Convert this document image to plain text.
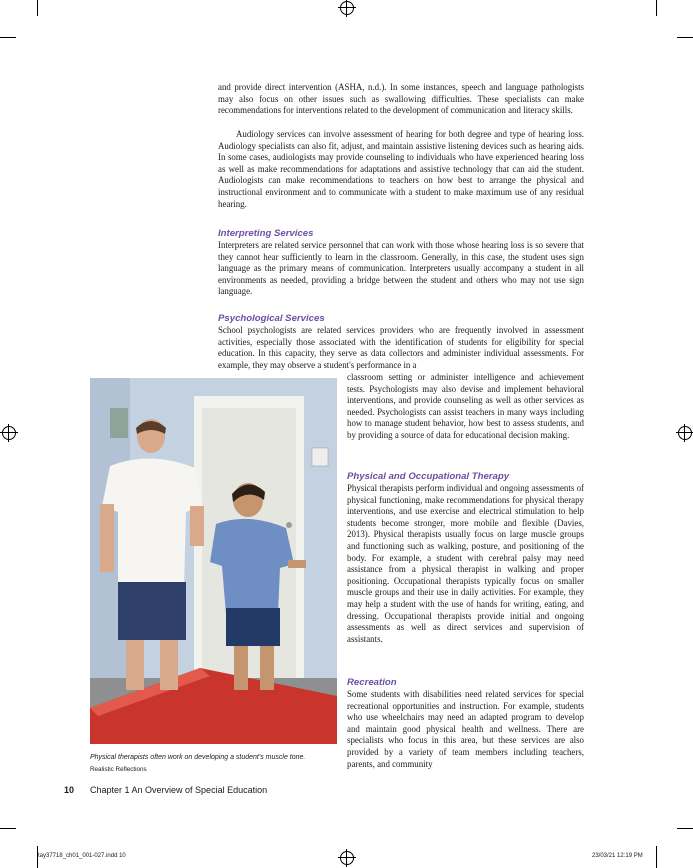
and provide direct intervention (ASHA, n.d.). In some instances, speech and language pathologists may also focus on other issues such as swallowing difficulties. These specialists can make recommendations for interventions related to the development of communication and literacy skills.

Audiology services can involve assessment of hearing for both degree and type of hearing loss. Audiology specialists can also fit, adjust, and maintain assistive listening devices such as hearing aids. In some cases, audiologists may provide counseling to individuals who have experienced hearing loss as well as make recommendations for adaptations and assistive technology that can aid the student. Audiologists can make recommendations to teachers on how best to arrange the physical and instructional environment and to communicate with a student to make maximum use of any residual hearing.

Interpreting Services

Interpreters are related service personnel that can work with those whose hearing loss is so severe that they cannot hear sufficiently to learn in the classroom. Generally, in this case, the student uses sign language as the primary means of communication. Interpreters usually accompany a student in all environments as needed, providing a bridge between the student and others who may not use sign language.

Psychological Services

School psychologists are related services providers who are frequently involved in assessment activities, especially those associated with the identification of students for eligibility for special education. In this capacity, they serve as data collectors and administer individual assessments. For example, they may observe a student's performance in a

classroom setting or administer intelligence and achievement tests. Psychologists may also devise and implement behavioral interventions, and provide counseling as well as other services as needed. Psychologists can assist teachers in many ways including how to manage student behavior, how best to assess students, and by providing a source of data for educational decision making.

Physical and Occupational Therapy

Physical therapists perform individual and ongoing assessments of physical functioning, make recommendations for physical therapy interventions, and use exercise and electrical stimulation to help students become stronger, more mobile and flexible (Davies, 2013). Physical therapists usually focus on large muscle groups and functioning such as walking, posture, and positioning of the body. For example, a student with cerebral palsy may need assistance from a physical therapist in walking and proper positioning. Occupational therapists typically focus on smaller muscle groups and their use in daily activities. For example, they may help a student with the use of hands for writing, eating, and dressing. Occupational therapists provide initial and ongoing assessments as well as direct services and supervision of assistants.

Recreation

Some students with disabilities need related services for special recreational opportunities and instruction. For example, students who use wheelchairs may need an adapted program to develop and maintain good physical health and wellness. There are specialists who focus in this area, but these services are also provided by a variety of team members including teachers, parents, and community

Physical therapists often work on developing a student's muscle tone.

Realistic Reflections

10 Chapter 1 An Overview of Special Education

tay37718_ch01_001-027.indd 10	23/03/21 12:19 PM
